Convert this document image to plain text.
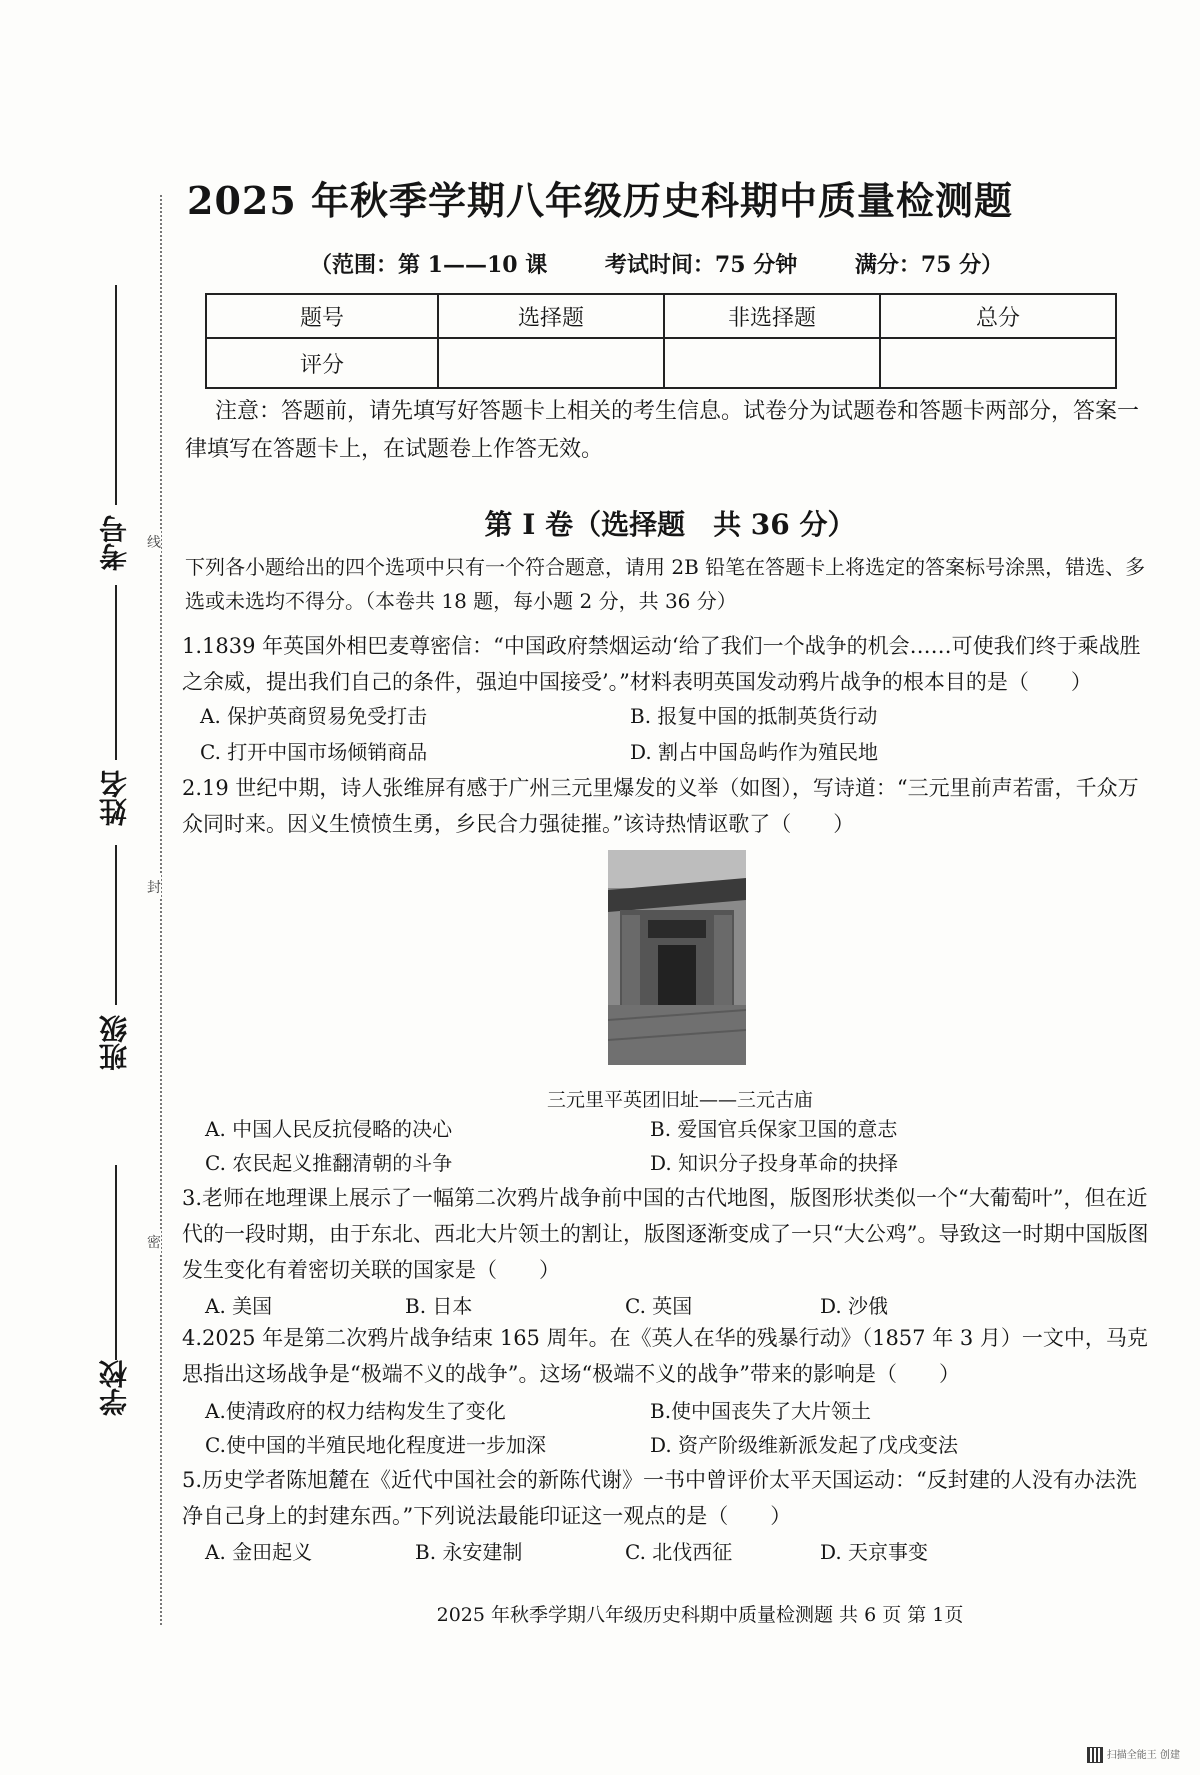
线
封
密
考号
姓名
班级
学校
2025 年秋季学期八年级历史科期中质量检测题
（范围：第 1——10 课	考试时间：75 分钟	满分：75 分）
题号	选择题	非选择题	总分
评分			
注意：答题前，请先填写好答题卡上相关的考生信息。试卷分为试题卷和答题卡两部分，答案一律填写在答题卡上，在试题卷上作答无效。
第 I 卷（选择题　共 36 分）
下列各小题给出的四个选项中只有一个符合题意，请用 2B 铅笔在答题卡上将选定的答案标号涂黑，错选、多选或未选均不得分。（本卷共 18 题，每小题 2 分，共 36 分）

1.1839 年英国外相巴麦尊密信：“中国政府禁烟运动‘给了我们一个战争的机会……可使我们终于乘战胜之余威，提出我们自己的条件，强迫中国接受’。”材料表明英国发动鸦片战争的根本目的是（　　）

A. 保护英商贸易免受打击	B. 报复中国的抵制英货行动
C. 打开中国市场倾销商品	D. 割占中国岛屿作为殖民地

2.19 世纪中期，诗人张维屏有感于广州三元里爆发的义举（如图），写诗道：“三元里前声若雷，千众万众同时来。因义生愤愤生勇，乡民合力强徒摧。”该诗热情讴歌了（　　）

三元里平英团旧址——三元古庙
A. 中国人民反抗侵略的决心	B. 爱国官兵保家卫国的意志
C. 农民起义推翻清朝的斗争	D. 知识分子投身革命的抉择

3.老师在地理课上展示了一幅第二次鸦片战争前中国的古代地图，版图形状类似一个“大葡萄叶”，但在近代的一段时期，由于东北、西北大片领土的割让，版图逐渐变成了一只“大公鸡”。导致这一时期中国版图发生变化有着密切关联的国家是（　　）

A. 美国	B. 日本	C. 英国	D. 沙俄

4.2025 年是第二次鸦片战争结束 165 周年。在《英人在华的残暴行动》（1857 年 3 月）一文中，马克思指出这场战争是“极端不义的战争”。这场“极端不义的战争”带来的影响是（　　）

A.使清政府的权力结构发生了变化	B.使中国丧失了大片领土
C.使中国的半殖民地化程度进一步加深	D. 资产阶级维新派发起了戊戌变法

5.历史学者陈旭麓在《近代中国社会的新陈代谢》一书中曾评价太平天国运动：“反封建的人没有办法洗净自己身上的封建东西。”下列说法最能印证这一观点的是（　　）

A. 金田起义	B. 永安建制	C. 北伐西征	D. 天京事变
2025 年秋季学期八年级历史科期中质量检测题 共 6 页 第 1页
扫描全能王 创建
